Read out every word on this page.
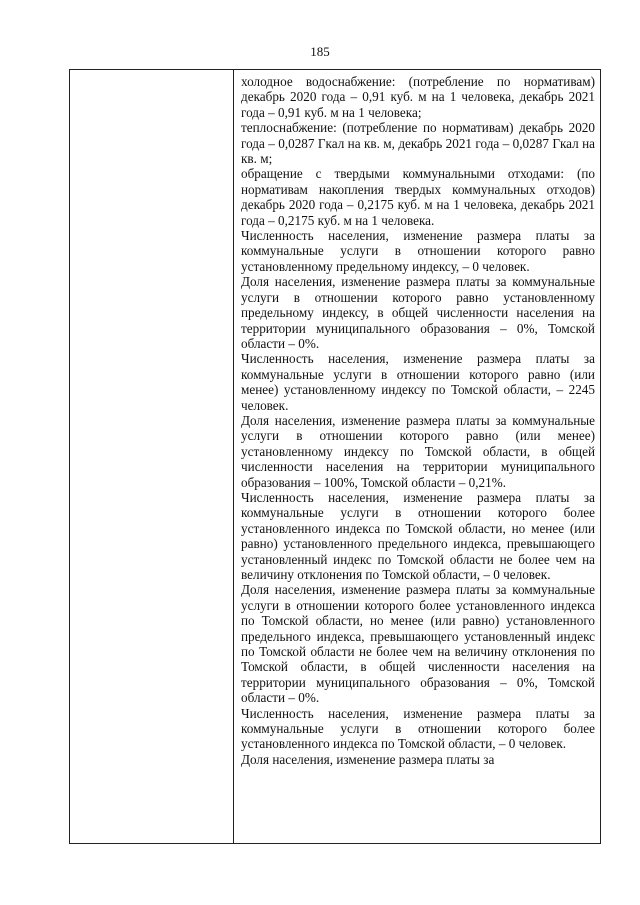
185

холодное водоснабжение: (потребление по нормативам) декабрь 2020 года – 0,91 куб. м на 1 человека, декабрь 2021 года – 0,91 куб. м на 1 человека;

теплоснабжение: (потребление по нормативам) декабрь 2020 года – 0,0287 Гкал на кв. м, декабрь 2021 года – 0,0287 Гкал на кв. м;

обращение с твердыми коммунальными отходами: (по нормативам накопления твердых коммунальных отходов) декабрь 2020 года – 0,2175 куб. м на 1 человека, декабрь 2021 года – 0,2175 куб. м на 1 человека.

Численность населения, изменение размера платы за коммунальные услуги в отношении которого равно установленному предельному индексу, – 0 человек.

Доля населения, изменение размера платы за коммунальные услуги в отношении которого равно установленному предельному индексу, в общей численности населения на территории муниципального образования – 0%, Томской области – 0%.

Численность населения, изменение размера платы за коммунальные услуги в отношении которого равно (или менее) установленному индексу по Томской области, – 2245 человек.

Доля населения, изменение размера платы за коммунальные услуги в отношении которого равно (или менее) установленному индексу по Томской области, в общей численности населения на территории муниципального образования – 100%, Томской области – 0,21%.

Численность населения, изменение размера платы за коммунальные услуги в отношении которого более установленного индекса по Томской области, но менее (или равно) установленного предельного индекса, превышающего установленный индекс по Томской области не более чем на величину отклонения по Томской области, – 0 человек.

Доля населения, изменение размера платы за коммунальные услуги в отношении которого более установленного индекса по Томской области, но менее (или равно) установленного предельного индекса, превышающего установленный индекс по Томской области не более чем на величину отклонения по Томской области, в общей численности населения на территории муниципального образования – 0%, Томской области – 0%.

Численность населения, изменение размера платы за коммунальные услуги в отношении которого более установленного индекса по Томской области, – 0 человек.

Доля населения, изменение размера платы за
